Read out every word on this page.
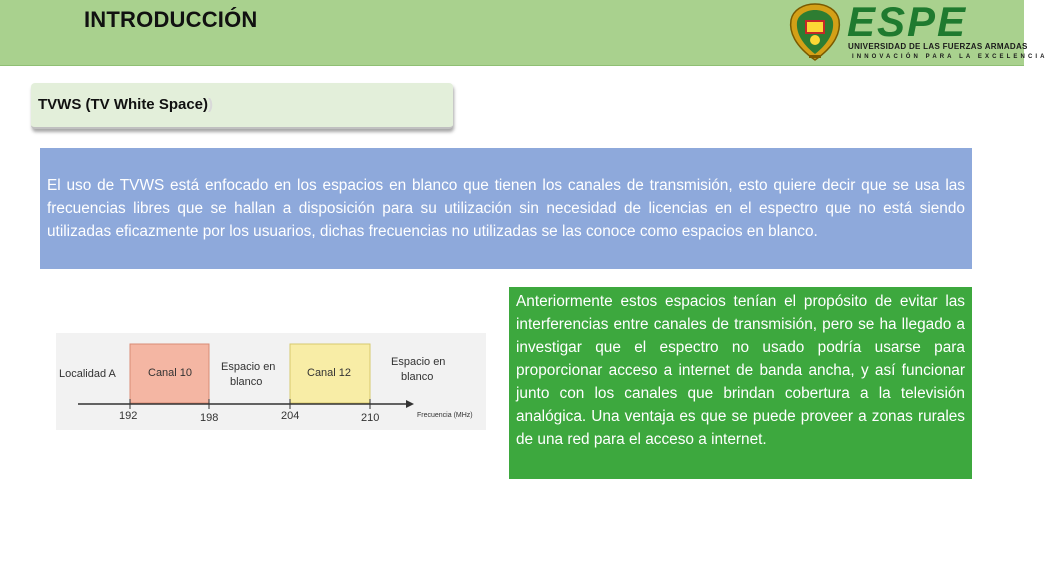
INTRODUCCIÓN	ESPE
UNIVERSIDAD DE LAS FUERZAS ARMADAS
INNOVACIÓN PARA LA EXCELENCIA
TVWS (TV White Space))
El uso de TVWS está enfocado en los espacios en blanco que tienen los canales de transmisión, esto quiere decir que se usa las frecuencias libres que se hallan a disposición para su utilización sin necesidad de licencias en el espectro que no está siendo utilizadas eficazmente por los usuarios, dichas frecuencias no utilizadas se las conoce como espacios en blanco.
Localidad A	Canal 10	Espacio en
blanco
Canal 12
Espacio en
blanco
192	198	204	210	Frecuencia (MHz)
Anteriormente estos espacios tenían el propósito de evitar las interferencias entre canales de transmisión, pero se ha llegado a investigar que el espectro no usado podría usarse para proporcionar acceso a internet de banda ancha, y así funcionar junto con los canales que brindan cobertura a la televisión analógica. Una ventaja es que se puede proveer a zonas rurales de una red para el acceso a internet.
